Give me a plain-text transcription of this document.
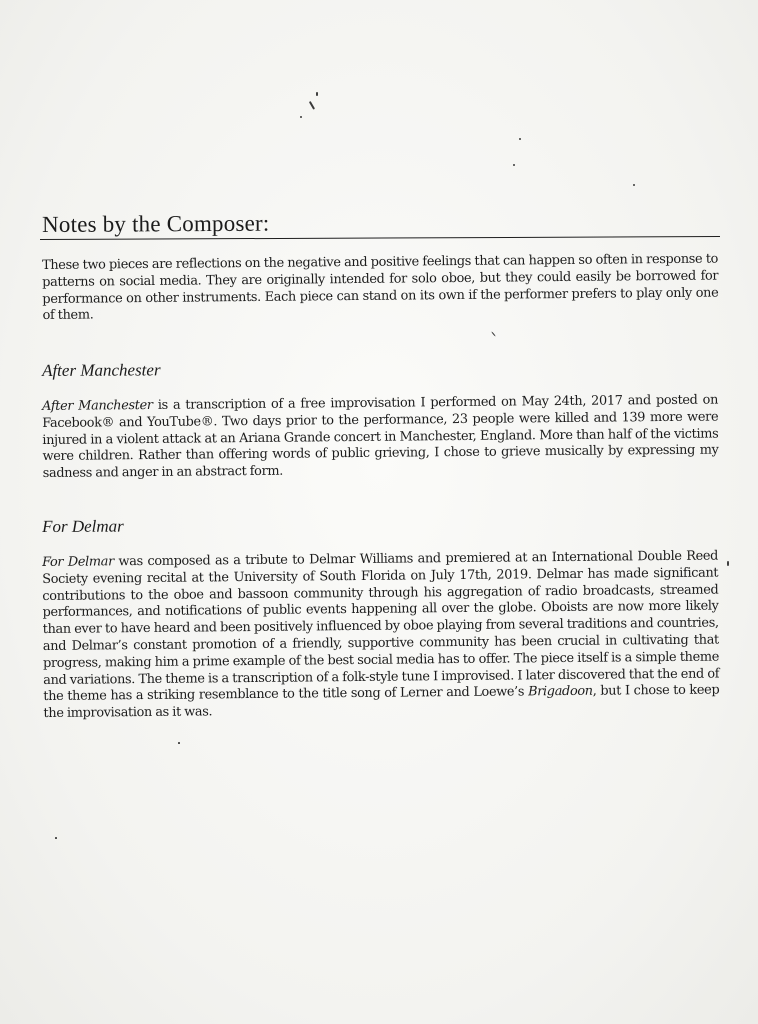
Notes by the Composer:
These two pieces are reflections on the negative and positive feelings that can happen so often in response to patterns on social media. They are originally intended for solo oboe, but they could easily be borrowed for performance on other instruments. Each piece can stand on its own if the performer prefers to play only one of them.
After Manchester
After Manchester is a transcription of a free improvisation I performed on May 24th, 2017 and posted on Facebook® and YouTube®. Two days prior to the performance, 23 people were killed and 139 more were injured in a violent attack at an Ariana Grande concert in Manchester, England. More than half of the victims were children. Rather than offering words of public grieving, I chose to grieve musically by expressing my sadness and anger in an abstract form.
For Delmar
For Delmar was composed as a tribute to Delmar Williams and premiered at an International Double Reed Society evening recital at the University of South Florida on July 17th, 2019. Delmar has made significant contributions to the oboe and bassoon community through his aggregation of radio broadcasts, streamed performances, and notifications of public events happening all over the globe. Oboists are now more likely than ever to have heard and been positively influenced by oboe playing from several traditions and countries, and Delmar’s constant promotion of a friendly, supportive community has been crucial in cultivating that progress, making him a prime example of the best social media has to offer. The piece itself is a simple theme and variations. The theme is a transcription of a folk-style tune I improvised. I later discovered that the end of the theme has a striking resemblance to the title song of Lerner and Loewe’s Brigadoon, but I chose to keep the improvisation as it was.
